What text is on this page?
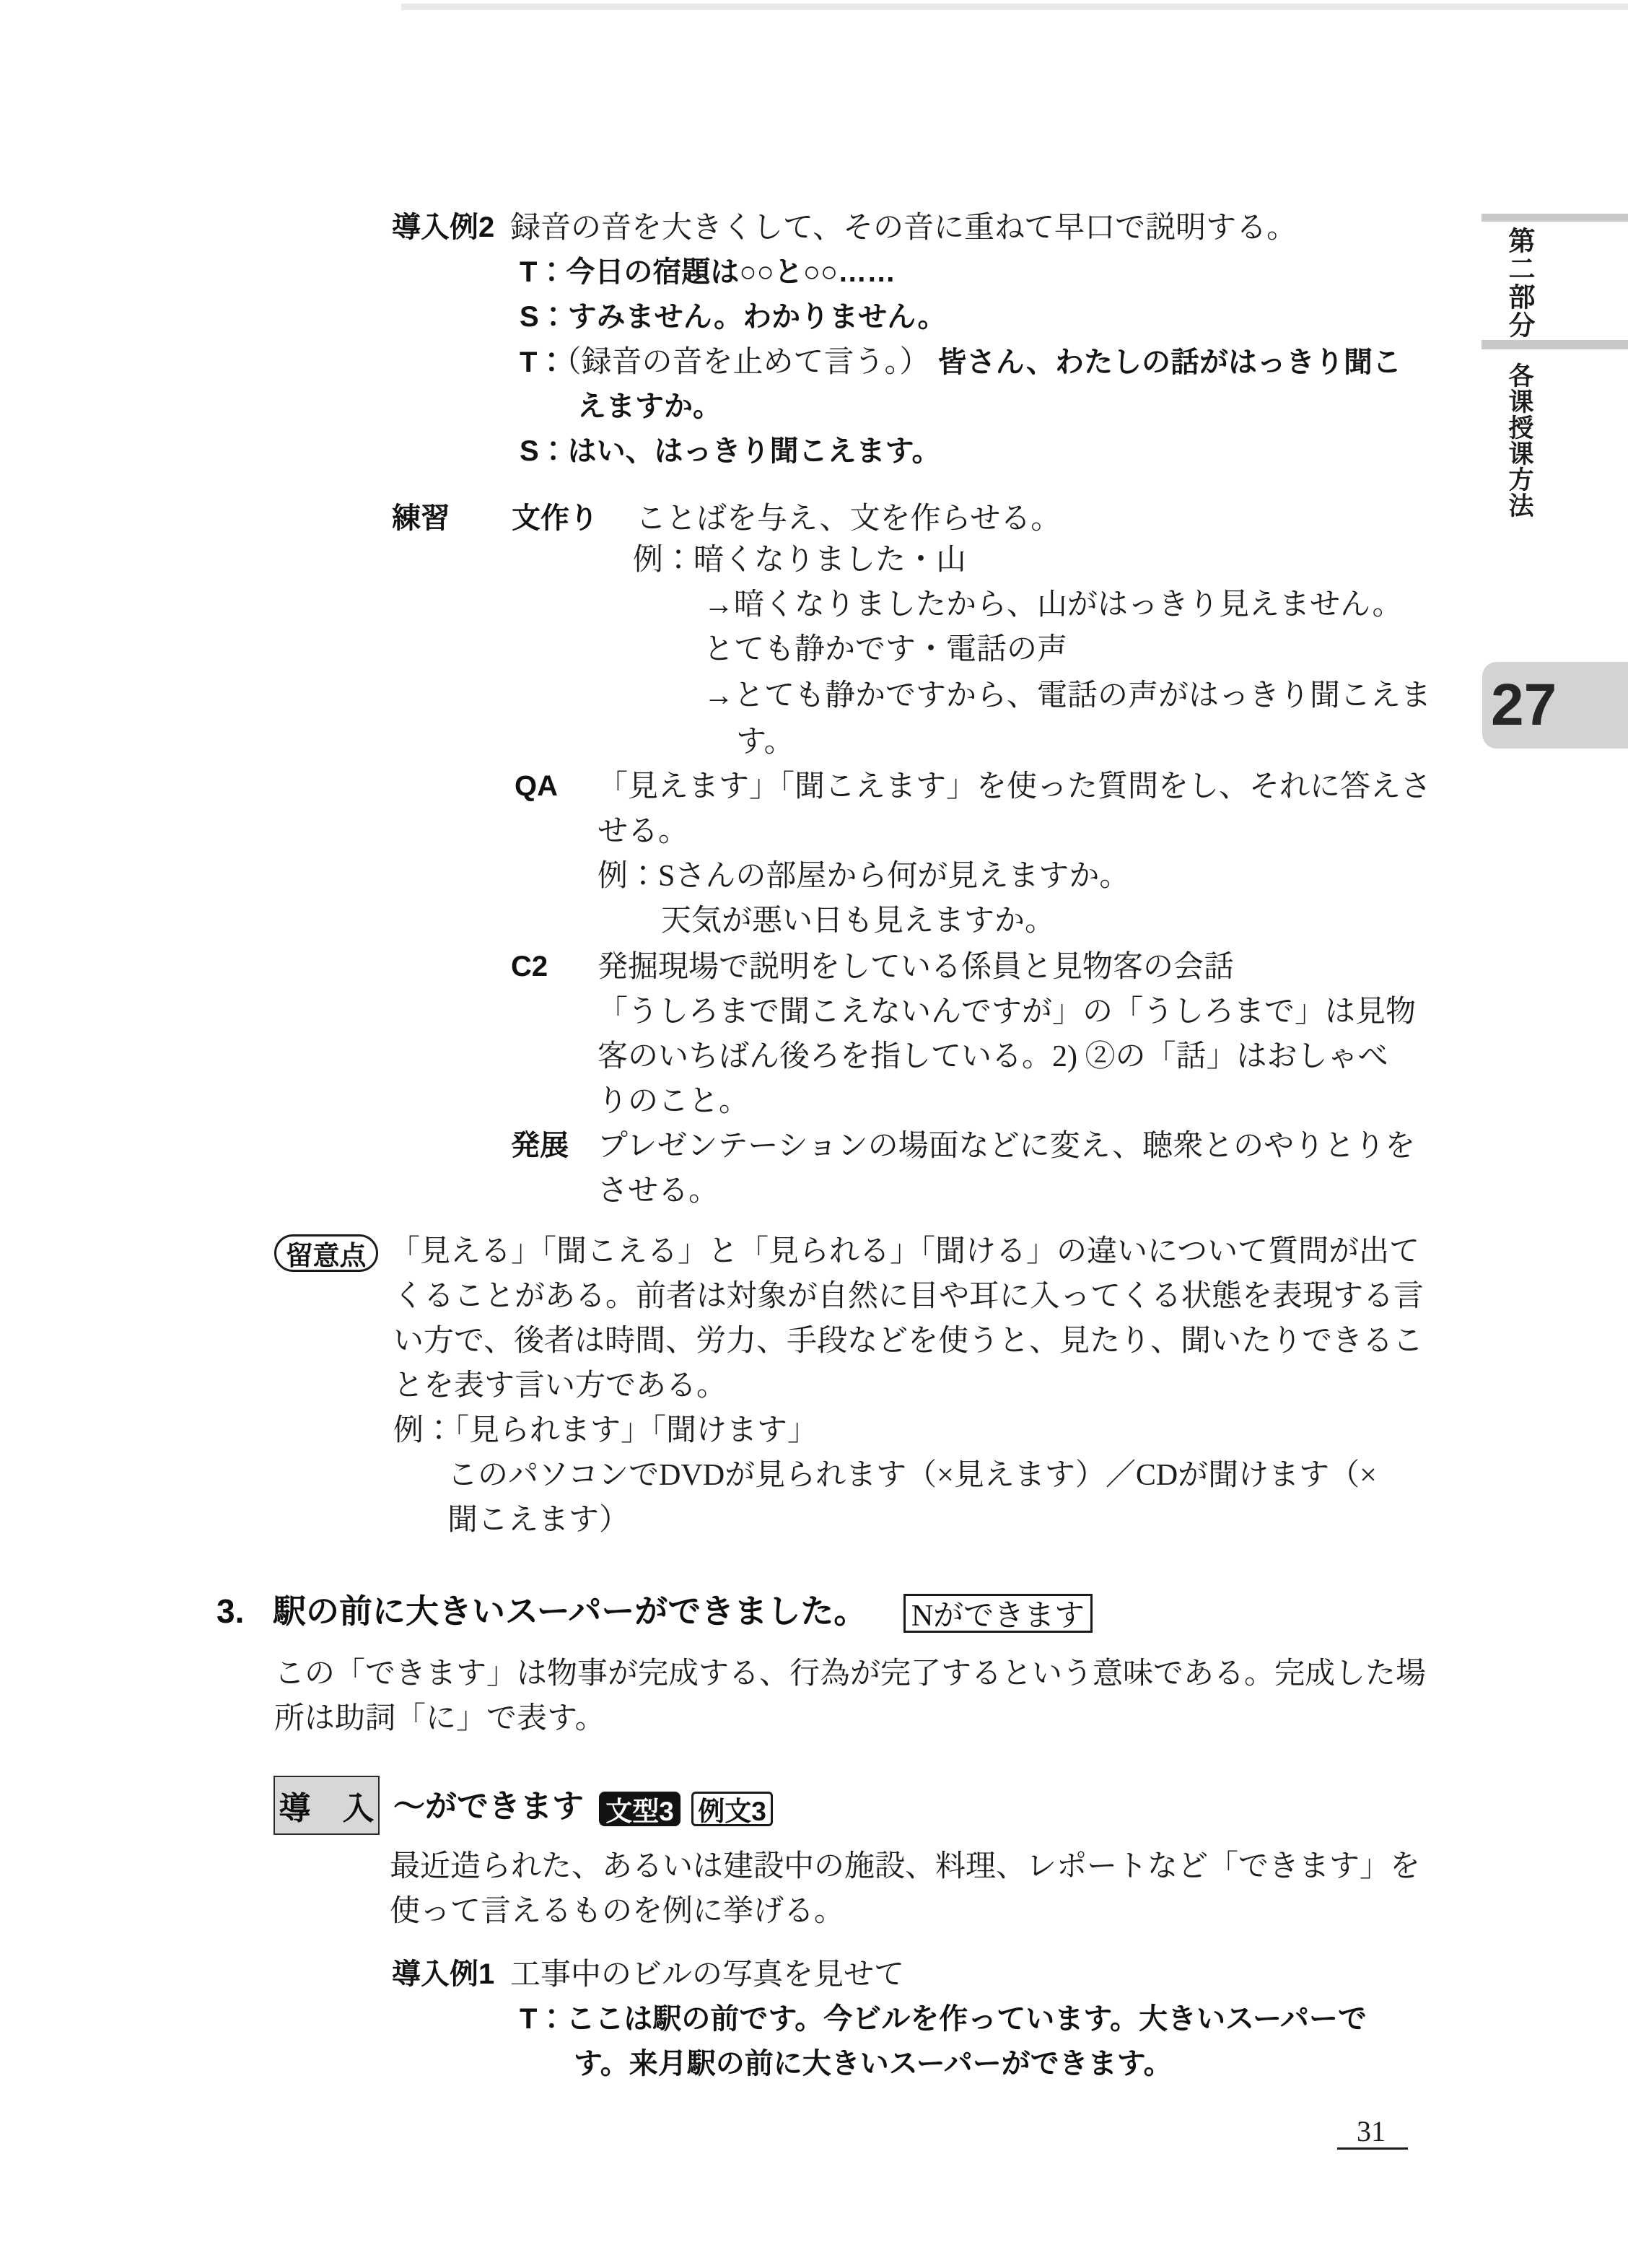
導入例2 録音の音を大きくして、その音に重ねて早口で説明する。
T：今日の宿題は○○と○○……
S：すみません。わかりません。
T：（録音の音を止めて言う。） 皆さん、わたしの話がはっきり聞こ
えますか。
S：はい、はっきり聞こえます。
練習 文作り ことばを与え、文を作らせる。
例：暗くなりました・山
→暗くなりましたから、山がはっきり見えません。
とても静かです・電話の声
→とても静かですから、電話の声がはっきり聞こえま
す。
QA 「見えます」「聞こえます」を使った質問をし、それに答えさ
せる。
例：Sさんの部屋から何が見えますか。
天気が悪い日も見えますか。
C2 発掘現場で説明をしている係員と見物客の会話
「うしろまで聞こえないんですが」の「うしろまで」は見物
客のいちばん後ろを指している。2) ②の「話」はおしゃべ
りのこと。
発展 プレゼンテーションの場面などに変え、聴衆とのやりとりを
させる。
留意点 「見える」「聞こえる」と「見られる」「聞ける」の違いについて質問が出て
くることがある。前者は対象が自然に目や耳に入ってくる状態を表現する言
い方で、後者は時間、労力、手段などを使うと、見たり、聞いたりできるこ
とを表す言い方である。
例：「見られます」「聞けます」
このパソコンでDVDが見られます（×見えます）／CDが聞けます（×
聞こえます）
3. 駅の前に大きいスーパーができました。 Nができます
この「できます」は物事が完成する、行為が完了するという意味である。完成した場
所は助詞「に」で表す。
導　入 ～ができます 文型3 例文3
最近造られた、あるいは建設中の施設、料理、レポートなど「できます」を
使って言えるものを例に挙げる。
導入例1 工事中のビルの写真を見せて
T：ここは駅の前です。今ビルを作っています。大きいスーパーで
す。来月駅の前に大きいスーパーができます。
第二部分
各课授课方法
27
31
